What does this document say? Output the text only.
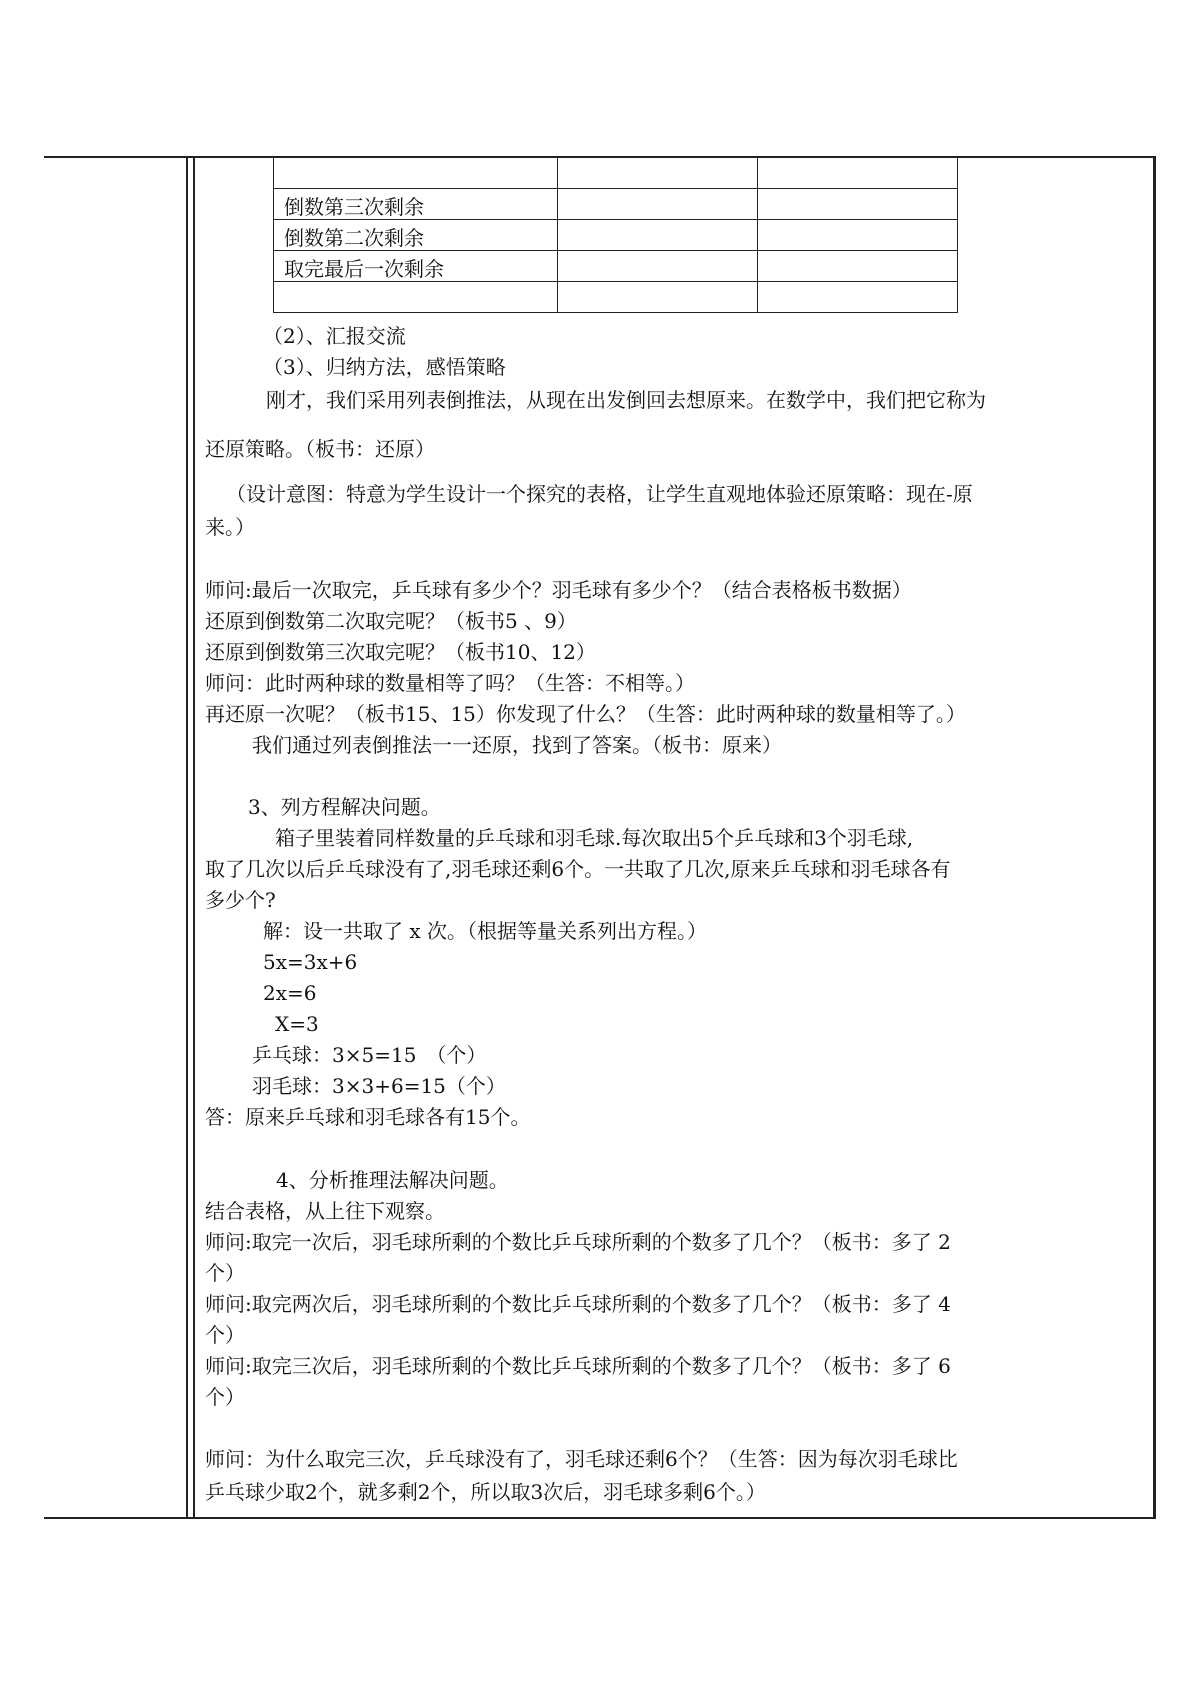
倒数第三次剩余		
倒数第二次剩余		
取完最后一次剩余		

（2）、汇报交流
（3）、归纳方法，感悟策略
刚才，我们采用列表倒推法，从现在出发倒回去想原来。在数学中，我们把它称为
还原策略。（板书：还原）
（设计意图：特意为学生设计一个探究的表格，让学生直观地体验还原策略：现在-原
来。）
师问:最后一次取完，乒乓球有多少个？羽毛球有多少个？（结合表格板书数据）
还原到倒数第二次取完呢？（板书5 、9）
还原到倒数第三次取完呢？（板书10、12）
师问：此时两种球的数量相等了吗？（生答：不相等。）
再还原一次呢？（板书15、15）你发现了什么？（生答：此时两种球的数量相等了。）
我们通过列表倒推法一一还原，找到了答案。（板书：原来）
3、列方程解决问题。
箱子里装着同样数量的乒乓球和羽毛球.每次取出5个乒乓球和3个羽毛球,
取了几次以后乒乓球没有了,羽毛球还剩6个。一共取了几次,原来乒乓球和羽毛球各有
多少个?
解：设一共取了 x 次。（根据等量关系列出方程。）
5x=3x+6
2x=6
X=3
乒乓球：3×5=15　（个）
羽毛球：3×3+6=15（个）
答：原来乒乓球和羽毛球各有15个。
4、分析推理法解决问题。
结合表格，从上往下观察。
师问:取完一次后，羽毛球所剩的个数比乒乓球所剩的个数多了几个？（板书：多了 2
个）
师问:取完两次后，羽毛球所剩的个数比乒乓球所剩的个数多了几个？（板书：多了 4
个）
师问:取完三次后，羽毛球所剩的个数比乒乓球所剩的个数多了几个？（板书：多了 6
个）
师问：为什么取完三次，乒乓球没有了，羽毛球还剩6个？（生答：因为每次羽毛球比
乒乓球少取2个，就多剩2个，所以取3次后，羽毛球多剩6个。）
